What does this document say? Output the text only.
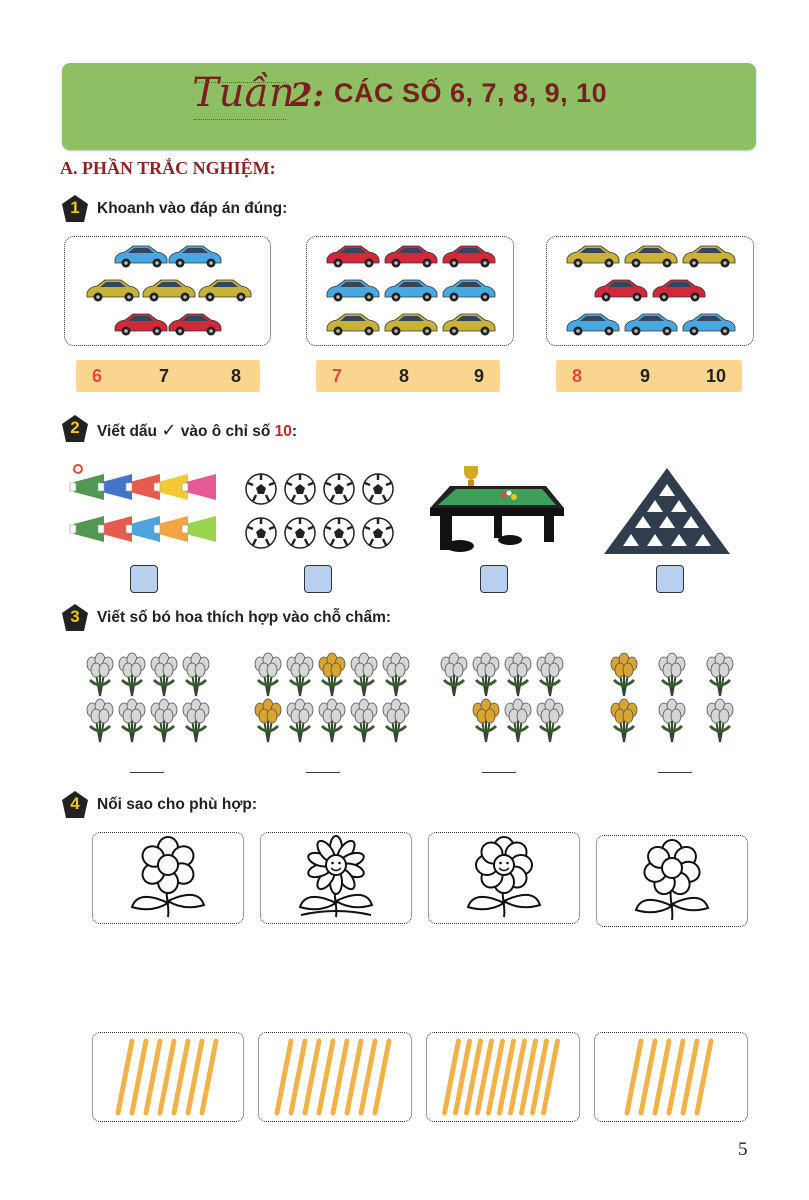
Tuần
2: CÁC SỐ 6, 7, 8, 9, 10
A. PHẦN TRẮC NGHIỆM:
1	Khoanh vào đáp án đúng:
6	7	8	7	8	9	8	9	10
2	Viết dấu ✓ vào ô chỉ số 10:
3	Viết số bó hoa thích hợp vào chỗ chấm:
4	Nối sao cho phù hợp:
5
